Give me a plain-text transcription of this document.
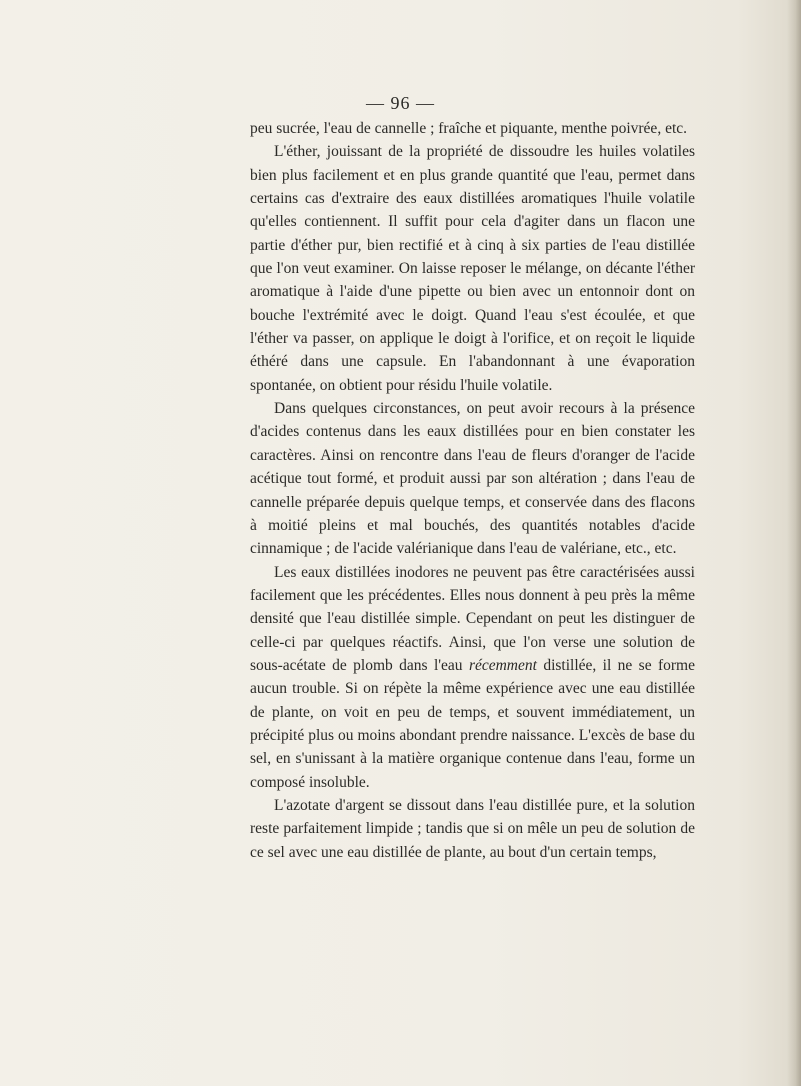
— 96 —

peu sucrée, l'eau de cannelle ; fraîche et piquante, menthe poivrée, etc.

L'éther, jouissant de la propriété de dissoudre les huiles volatiles bien plus facilement et en plus grande quantité que l'eau, permet dans certains cas d'extraire des eaux distillées aromatiques l'huile volatile qu'elles contiennent. Il suffit pour cela d'agiter dans un flacon une partie d'éther pur, bien rectifié et à cinq à six parties de l'eau distillée que l'on veut examiner. On laisse reposer le mélange, on décante l'éther aromatique à l'aide d'une pipette ou bien avec un entonnoir dont on bouche l'extrémité avec le doigt. Quand l'eau s'est écoulée, et que l'éther va passer, on applique le doigt à l'orifice, et on reçoit le liquide éthéré dans une capsule. En l'abandonnant à une évaporation spontanée, on obtient pour résidu l'huile volatile.

Dans quelques circonstances, on peut avoir recours à la présence d'acides contenus dans les eaux distillées pour en bien constater les caractères. Ainsi on rencontre dans l'eau de fleurs d'oranger de l'acide acétique tout formé, et produit aussi par son altération ; dans l'eau de cannelle préparée depuis quelque temps, et conservée dans des flacons à moitié pleins et mal bouchés, des quantités notables d'acide cinnamique ; de l'acide valérianique dans l'eau de valériane, etc., etc.

Les eaux distillées inodores ne peuvent pas être caractérisées aussi facilement que les précédentes. Elles nous donnent à peu près la même densité que l'eau distillée simple. Cependant on peut les distinguer de celle-ci par quelques réactifs. Ainsi, que l'on verse une solution de sous-acétate de plomb dans l'eau récemment distillée, il ne se forme aucun trouble. Si on répète la même expérience avec une eau distillée de plante, on voit en peu de temps, et souvent immédiatement, un précipité plus ou moins abondant prendre naissance. L'excès de base du sel, en s'unissant à la matière organique contenue dans l'eau, forme un composé insoluble.

L'azotate d'argent se dissout dans l'eau distillée pure, et la solution reste parfaitement limpide ; tandis que si on mêle un peu de solution de ce sel avec une eau distillée de plante, au bout d'un certain temps,
